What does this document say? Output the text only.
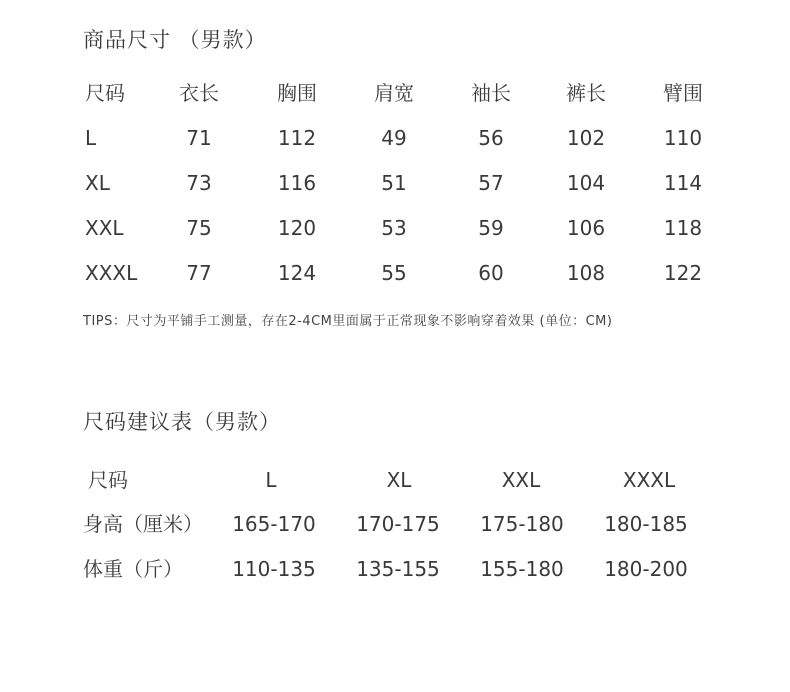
商品尺寸 （男款）
尺码	衣长	胸围	肩宽	袖长	裤长	臂围
L	71	112	49	56	102	110
XL	73	116	51	57	104	114
XXL	75	120	53	59	106	118
XXXL 77	124	55	60	108	122
TIPS：尺寸为平铺手工测量，存在2-4CM里面属于正常现象不影响穿着效果 (单位：CM)
尺码建议表（男款）
尺码	L	XL	XXL	XXXL
身高（厘米） 165-170 170-175 175-180 180-185
体重（斤） 110-135 135-155 155-180 180-200
